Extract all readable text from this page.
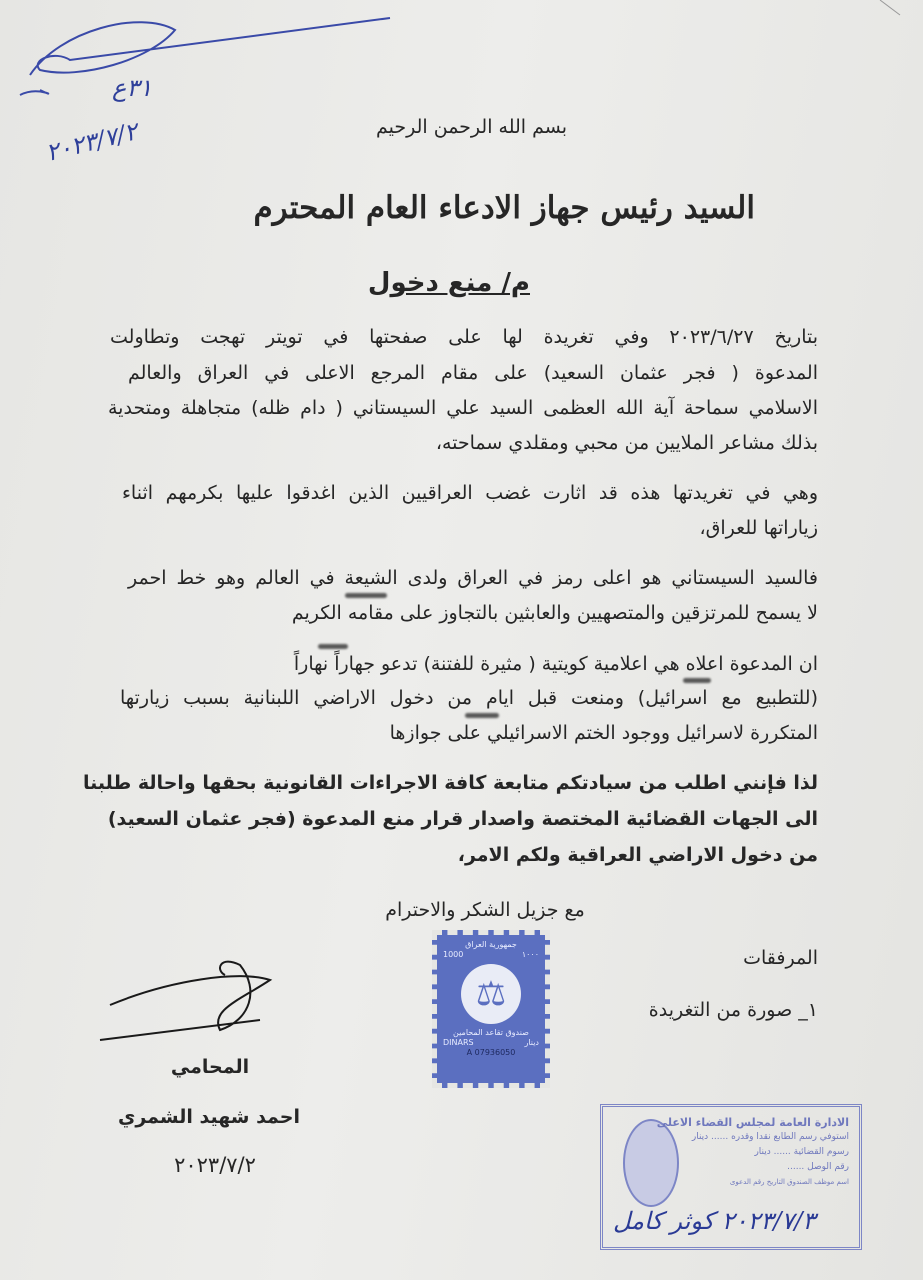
٣١ع
٢٠٢٣/٧/٢	بسم الله الرحمن الرحيم
السيد رئيس جهاز الادعاء العام المحترم
م/ منع دخول
بتاريخ ٢٠٢٣/٦/٢٧ وفي تغريدة لها على صفحتها في تويتر تهجت وتطاولت
المدعوة ( فجر عثمان السعيد) على مقام المرجع الاعلى في العراق والعالم
الاسلامي سماحة آية الله العظمى السيد علي السيستاني ( دام ظله) متجاهلة ومتحدية
بذلك مشاعر الملايين من محبي ومقلدي سماحته،
وهي في تغريدتها هذه قد اثارت غضب العراقيين الذين اغدقوا عليها بكرمهم اثناء
زياراتها للعراق،
فالسيد السيستاني هو اعلى رمز في العراق ولدى الشيعة في العالم وهو خط احمر
لا يسمح للمرتزقين والمتصهيين والعابثين بالتجاوز على مقامه الكريم
ان المدعوة اعلاه هي اعلامية كويتية ( مثيرة للفتنة) تدعو جهاراً نهاراً
(للتطبيع مع اسرائيل) ومنعت قبل ايام من دخول الاراضي اللبنانية بسبب زيارتها
المتكررة لاسرائيل ووجود الختم الاسرائيلي على جوازها
لذا فإنني اطلب من سيادتكم متابعة كافة الاجراءات القانونية بحقها واحالة طلبنا
الى الجهات القضائية المختصة واصدار قرار منع المدعوة (فجر عثمان السعيد)
من دخول الاراضي العراقية ولكم الامر،
مع جزيل الشكر والاحترام
المرفقات
١_ صورة من التغريدة
المحامي
احمد شهيد الشمري
٢٠٢٣/٧/٢
جمهورية العراق
1000	١٠٠٠
⚖
صندوق تقاعد المحامين
DINARS	دينار
A 07936050
الادارة العامة لمجلس القضاء الاعلى
استوفي رسم الطابع نقدا وقدره ...... دينار
رسوم القضائية ...... دينار
رقم الوصل ......
اسم موظف الصندوق التاريخ رقم الدعوى
٢٠٢٣/٧/٣ كوثر كامل
